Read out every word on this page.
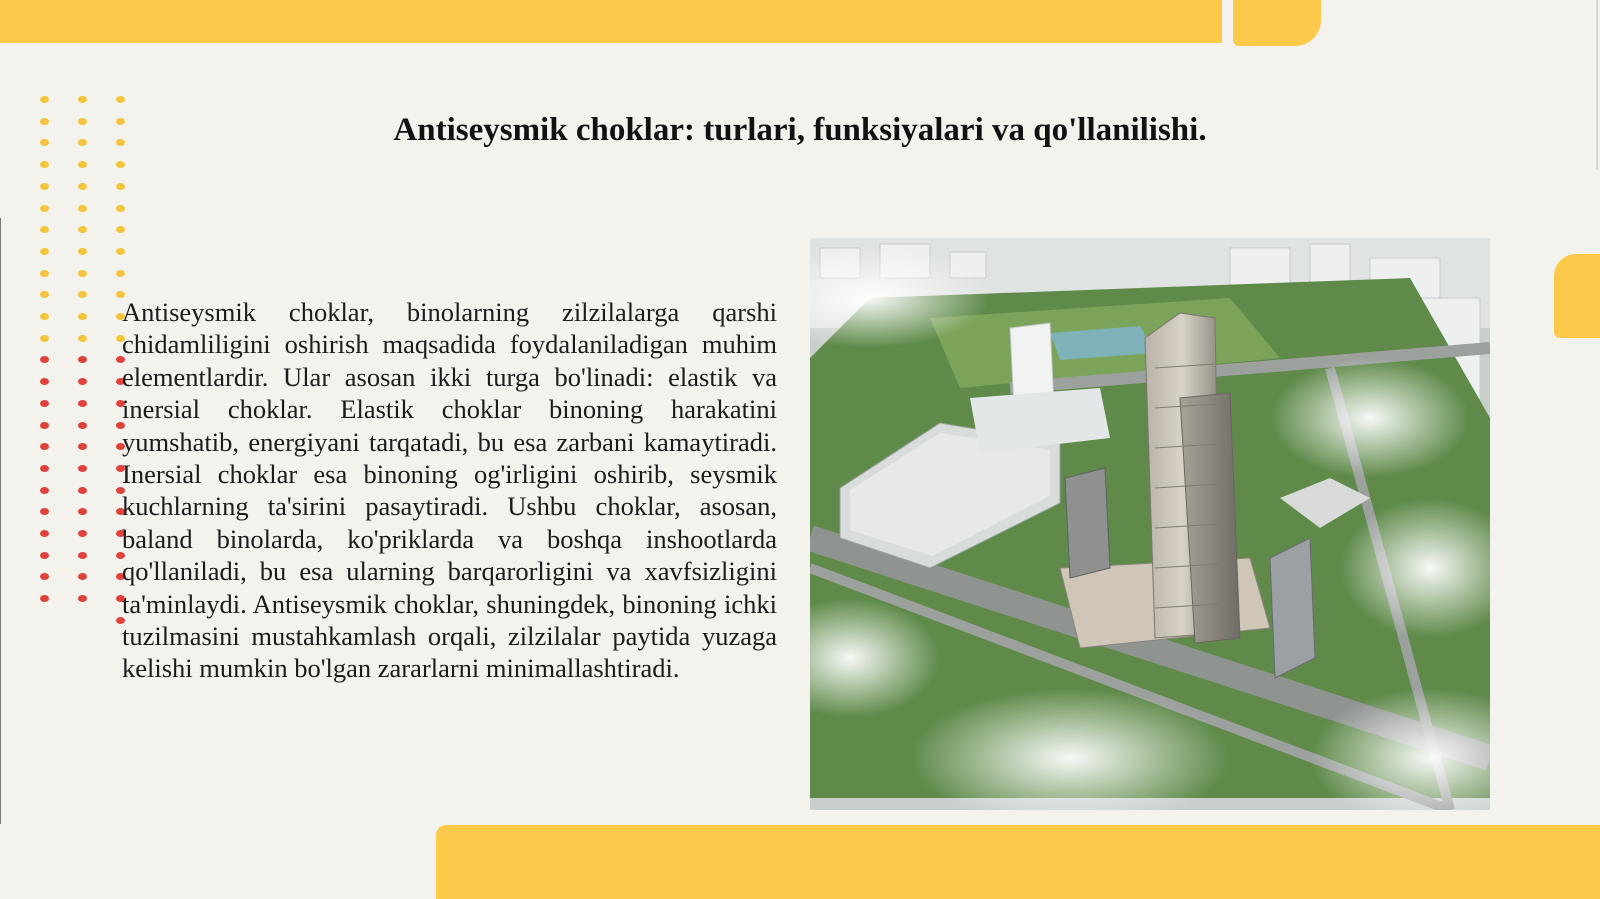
Antiseysmik choklar: turlari, funksiyalari va qo'llanilishi.

Antiseysmik choklar, binolarning zilzilalarga qarshi chidamliligini oshirish maqsadida foydalaniladigan muhim elementlardir. Ular asosan ikki turga bo'linadi: elastik va inersial choklar. Elastik choklar binoning harakatini yumshatib, energiyani tarqatadi, bu esa zarbani kamaytiradi. Inersial choklar esa binoning og'irligini oshirib, seysmik kuchlarning ta'sirini pasaytiradi. Ushbu choklar, asosan, baland binolarda, ko'priklarda va boshqa inshootlarda qo'llaniladi, bu esa ularning barqarorligini va xavfsizligini ta'minlaydi. Antiseysmik choklar, shuningdek, binoning ichki tuzilmasini mustahkamlash orqali, zilzilalar paytida yuzaga kelishi mumkin bo'lgan zararlarni minimallashtiradi.
